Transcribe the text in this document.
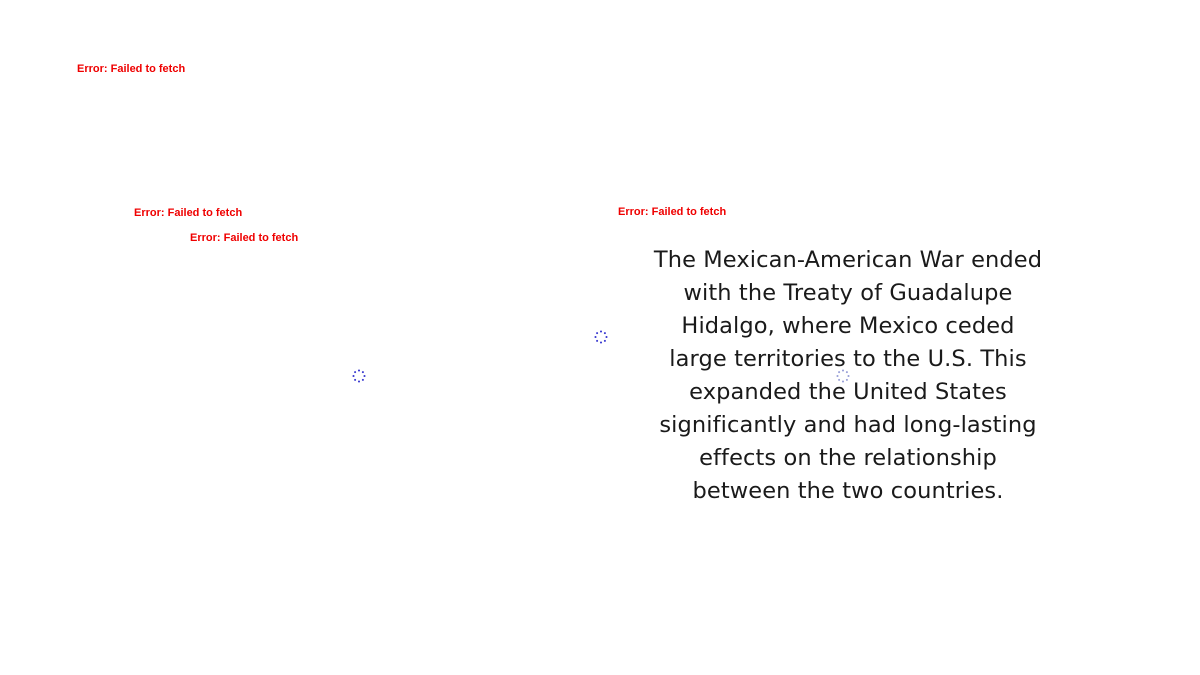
Error: Failed to fetch
Error: Failed to fetch
Error: Failed to fetch
Error: Failed to fetch
The Mexican-American War ended with the Treaty of Guadalupe Hidalgo, where Mexico ceded large territories to the U.S. This expanded the United States significantly and had long-lasting effects on the relationship between the two countries.
